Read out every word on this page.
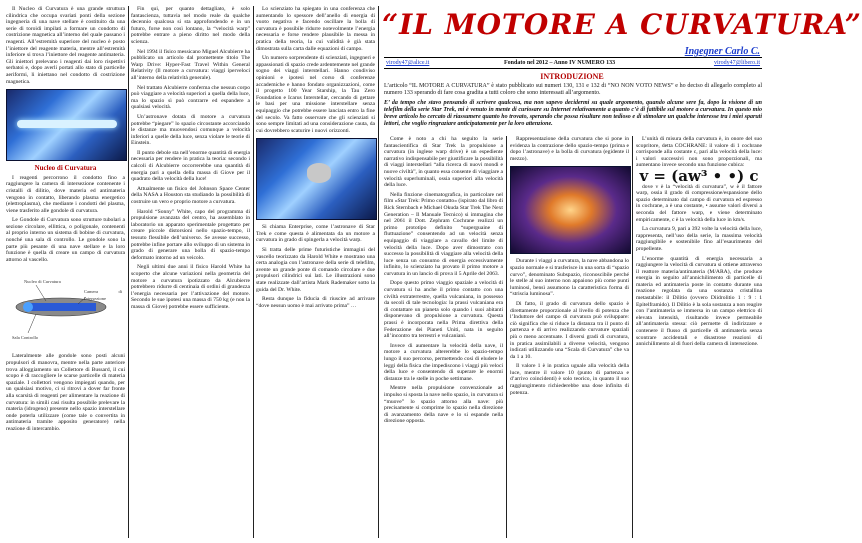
Il Nucleo di Curvatura è una grande struttura cilindrica che occupa svariati ponti della sezione ingegneria di una nave stellare è costituito da una serie di toroidi impilati a formare un condotto di costrizione magnetica all’interno del quale passano i reagenti. All’estremità superiore del nucleo è posto l’iniettore del reagente materia, mentre all’estremità inferiore si trova l’iniettore del reagente antimateria. Gli iniettori prelevano i reagenti dai loro rispettivi serbatoi e, dopo averli portati allo stato di particelle aeriformi, li iniettano nel condotto di costrizione magnetica.

Nucleo di Curvatura

I reagenti percorrono il condotto fino a raggiungere la camera di intersezione contenente i cristalli di dilitio, dove materia ed antimateria vengono in contatto, liberando plasma energetico (elettroplasma), che mediante i condotti del plasma, viene trasferito alle gondole di curvatura.

Le Gondole di Curvatura sono strutture tubolari a sezione circolare, ellittica, o poligonale, contenenti al proprio interno un sistema di bobine di curvatura, nonché una sala di controllo. Le gondole sono la parte più pesante di una nave stellare e la loro funzione è quella di creare un campo di curvatura attorno al vascello.

Nucleo di Curvatura
Camera di Intersezione
Sala Controllo

Lateralmente alle gondole sono posti alcuni propulsori di manovra, mentre nella parte anteriore trova alloggiamento un Collettore di Bussard, il cui scopo è di raccogliere le scarse particelle di materia spaziale. I collettori vengono impiegati quando, per un qualsiasi motivo, ci si ritrovi a dover far fronte alla scarsità di reagenti per alimentare la reazione di curvatura: in simili casi risulta possibile prelevare la materia (idrogeno) presente nello spazio interstellare onde poterla utilizzare (come tale o convertita in antimateria tramite apposito generatore) nella reazione di intercambio.

Fin qui, per quanto dettagliato, è solo fantascienza, tuttavia nel modo reale da qualche decennio qualcosa si sta approfondendo e in un futuro, forse non così lontano, la “velocità warp” potrebbe entrare a pieno diritto nel modo della scienza.

Nel 1994 il fisico messicano Miguel Alcubierre ha pubblicato un articolo dal promettente titolo The Warp Drive: Hyper-Fast Travel Within General Relativity (Il motore a curvatura: viaggi iperveloci all’interno della relatività generale).

Nel trattato Alcubierre conferma che nessun corpo può viaggiare a velocità superiori a quella della luce, ma lo spazio sì può contrarre ed espandere a qualsiasi velocità.

Un’astronave dotata di motore a curvatura potrebbe “piegare” lo spazio circostante accorciando le distanze ma muovendosi comunque a velocità inferiori a quelle della luce, senza violare le teorie di Einstein.

Il punto debole sta nell’enorme quantità di energia necessaria per rendere in pratica la teoria: secondo i calcoli di Alcubierre occorrerebbe una quantità di energia pari a quella della massa di Giove per il quadrato della velocità della luce!

Attualmente un fisico del Johnson Space Center della NASA a Houston sta studiando la possibilità di costruire un vero e proprio motore a curvatura.

Harold “Sonny” White, capo del programma di propulsione avanzata del centro, ha assemblato in laboratorio un apparato sperimentale progettato per creare piccole distorsioni nello spazio-tempo, il tessuto flessibile dell’universo. Se avesse successo, potrebbe infine portare allo sviluppo di un sistema in grado di generare una bolla di spazio-tempo deformato intorno ad un veicolo.

Negli ultimi due anni il fisico Harold White ha scoperto che alcune variazioni nella geometria del motore a curvatura ipotizzato da Alcubierre potrebbero ridurre di centinaia di ordini di grandezza l’energia necessaria per l’attivazione del motore. Secondo le sue ipotesi una massa di 750 kg (e non la massa di Giove) potrebbe essere sufficiente.

Lo scienziato ha spiegato in una conferenza che aumentando lo spessore dell’anello di energia di vuoto negativa e facendo oscillare la bolla di curvatura è possibile ridurre notevolmente l’energia necessaria e forse rendere plausibile la messa in pratica della teoria, la cui validità è già stata dimostrata sulla carta dalle equazioni di campo.

Un numero sorprendente di scienziati, ingegneri e appassionati di spazio crede ardentemente nel grande sogno dei viaggi interstellari. Hanno condiviso opinioni e ipotesi nel corso di conferenze accademiche e hanno fondato organizzazioni, come il progetto 100 Year Starship, la Tau Zero Foundation e Icarus Interstellar, cercando di gettare le basi per una missione interstellare senza equipaggio che potrebbe essere lanciata entro la fine del secolo. Va fatto osservare che gli scienziati si sono sempre limitati ad una considerazione cauta, da cui dovrebbero scaturire i nuovi orizzonti.

Si chiama Enterprise, come l’astronave di Star Trek e come questa è alimentata da un motore a curvatura in grado di spingerla a velocità warp.

Si tratta delle prime futuristiche immagini del vascello teorizzato da Harold White e mostrano una certa analogia con l’astronave della serie di telefilm, avente un grande ponte di comando circolare e due propulsori cilindrici sui lati. Le illustrazioni sono state realizzate dall’artista Mark Rademaker sotto la guida del Dr. White.

Resta dunque la fiducia di riuscire ad arrivare “dove nessun uomo è mai arrivato prima” …

“IL MOTORE A CURVATURA”
Ingegner Carlo C.
virody47@alice.it	Fondato nel 2012 – Anno IV NUMERO 133	virody47@libero.it
INTRODUZIONE
L’articolo “IL MOTORE A CURVATURA” è stato pubblicato sui numeri 130, 131 e 132 di “NO NON VOTO NEWS” e ho deciso di allegarlo completo al numero 133 sperando di fare cosa gradita a tutti coloro che sono interessati all’argomento.
E’ da tempo che stavo pensando di scrivere qualcosa, ma non sapevo decidermi su quale argomento, quando alcune sere fa, dopo la visione di un telefilm della serie Star Trek, mi è venuto in mente di curiosare su Internet relativamente a quanto c’è di fattibile sul motore a curvatura. In questo mio breve articolo ho cercato di riassumere quanto ho trovato, sperando che possa risultare non tedioso e di stimolare un qualche interesse tra i miei sparuti lettori, che voglio ringraziare anticipatamente per la loro attenzione.

Come è noto a chi ha seguito la serie fantascientifica di Star Trek la propulsione a curvatura (in inglese warp drive) è un espediente narrativo indispensabile per giustificare la possibilità di viaggi interstellari “alla ricerca di nuovi mondi e nuove civiltà”, in quanto essa consente di viaggiare a velocità superluminali, ossia superiori alla velocità della luce.

Nella finzione cinematografica, in particolare nel film «Star Trek: Primo contatto» (ispirato dal libro di Rick Sternbach e Michael Okuda Star Trek The Next Generation – Il Manuale Tecnico) si immagina che nel 2061 il Dott. Zephram Cochrane realizzi un primo prototipo definito “superguaine di fluttuazione” consentendo ad un velocità senza equipaggio di viaggiare a cavallo del limite di velocità della luce. Dopo aver dimostrato con successo la possibilità di viaggiare alla velocità della luce senza un consumo di energia eccessivamente infinito, lo scienziato ha provato il primo motore a curvatura in un lancio di prova il 5 Aprile del 2063.

Dopo questo primo viaggio spaziale a velocità di curvatura si ha anche il primo contatto con una civiltà extraterrestre, quella vulcaniana, in possesso da secoli di tale tecnologia: la prassi vulcaniana era di contattare un pianeta solo quando i suoi abitanti disponevano di propulsione a curvatura. Questa prassi è incorporata nella Prima direttiva della Federazione dei Pianeti Uniti, nata in seguito all’incontro tra terrestri e vulcaniani.

Invece di aumentare la velocità della nave, il motore a curvatura altererebbe lo spazio-tempo lungo il suo percorso, permettendo così di eludere le leggi della fisica che impediscono i viaggi più veloci della luce e consentendo di superare le enormi distanze tra le stelle in poche settimane.

Mentre nella propulsione convenzionale ad impulso si sposta la nave nello spazio, in curvatura si “muove” lo spazio attorno alla nave: più precisamente si comprime lo spazio nella direzione di avanzamento della nave e lo si espande nella direzione opposta.

Rappresentazione della curvatura che si pone in evidenza la contrazione dello spazio-tempo (prima e dopo l’astronave) e la bolla di curvatura (egidente il mezzo).

Durante i viaggi a curvatura, la nave abbandona lo spazio normale e si trasferisce in una sorta di “spazio curvo”, denominato Subspazio, riconoscibile perché le stelle al suo interno non appaiono più come punti luminosi, bensì assumono la caratteristica forma di “striscia luminosa”.

Di fatto, il grado di curvatura dello spazio è direttamente proporzionale al livello di potenza che l’Induttore del campo di curvatura può sviluppare: ciò significa che si riduce la distanza tra il punto di partenza e di arrivo realizzando curvature spaziali più o meno accentuate. I diversi gradi di curvatura, in pratica assimilabili a diverse velocità, vengono indicati utilizzando una “Scala di Curvatura” che va da 1 a 10.

Il valore 1 è in pratica uguale alla velocità della luce, mentre il valore 10 (punto di partenza e d’arrivo coincidenti) è solo teorico, in quanto il suo raggiungimento richiederebbe una dose infinita di potenza.

L’unità di misura della curvatura è, in onore del suo scopritore, detta COCHRANE: il valore di 1 cochrane corrisponde alla costante c, pari alla velocità della luce: i valori successivi non sono proporzionali, ma aumentano invece secondo una funzione cubica:

v = (aw³ • •) c

dove v è la “velocità di curvatura”, w è il fattore warp, ossia il grado di compressione/espansione dello spazio determinato dal campo di curvatura ed espresso in cochrane, a è una costante, • assume valori diversi a seconda del fattore warp, e viene determinato empiricamente, c è la velocità della luce in km/s.

La curvatura 9, pari a 392 volte la velocità della luce, rappresenta, nell’uso della serie, la massima velocità raggiungibile e sostenibile fino all’esaurimento del propellente.

L’enorme quantità di energia necessaria a raggiungere la velocità di curvatura si ottiene attraverso il reattore materia/antimateria (M/ARA), che produce energia in seguito all’annichilimento di particelle di materia ed antimateria poste in contatto durante una reazione regolata da una sostanza cristallina metastabile: il Dilitio (ovvero Diidrolitio 1 : 9 : 1 Epitelframido). Il Dilitio è la sola sostanza a non reagire con l’antimateria se immersa in un campo elettrico di elevata intensità, risultando invece permeabile all’antimateria stessa: ciò permette di indirizzare e contenere il flusso di particelle di antimateria senza scontrare accidentali e disastrose reazioni di annichilimento al di fuori della camera di intersezione.
